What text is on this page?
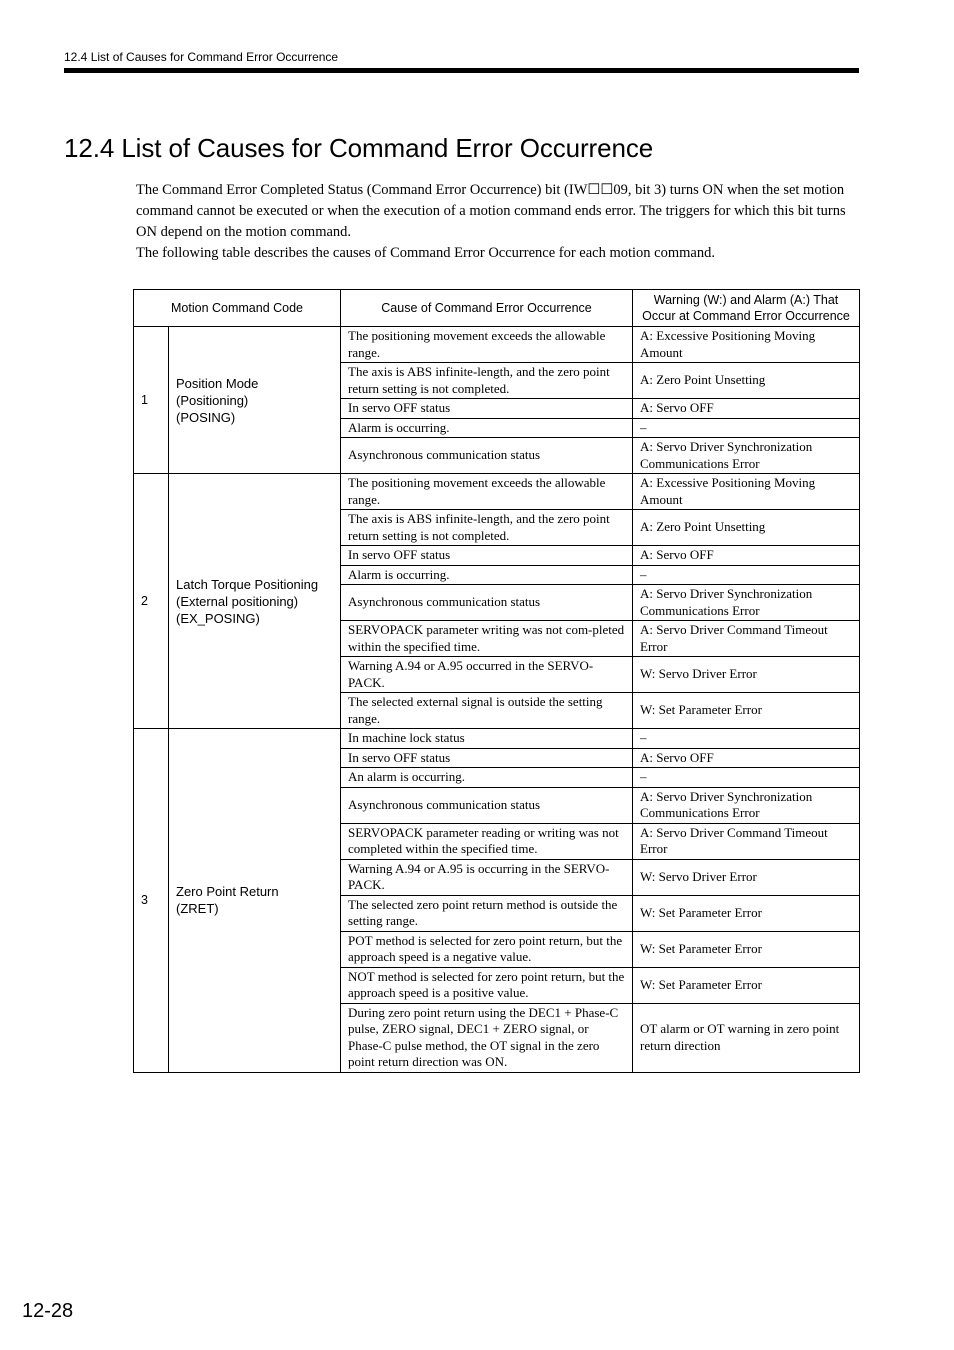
12.4 List of Causes for Command Error Occurrence
12.4 List of Causes for Command Error Occurrence

The Command Error Completed Status (Command Error Occurrence) bit (IW☐☐09, bit 3) turns ON when the set motion command cannot be executed or when the execution of a motion command ends error. The triggers for which this bit turns ON depend on the motion command.

The following table describes the causes of Command Error Occurrence for each motion command.

Motion Command Code		Cause of Command Error Occurrence	Warning (W:) and Alarm (A:) That Occur at Command Error Occurrence
1	Position Mode
(Positioning)
(POSING)	The positioning movement exceeds the allowable range.	A: Excessive Positioning Moving Amount
		The axis is ABS infinite-length, and the zero point return setting is not completed.	A: Zero Point Unsetting
		In servo OFF status	A: Servo OFF
		Alarm is occurring.	–
		Asynchronous communication status	A: Servo Driver Synchronization Communications Error
2	Latch Torque Positioning
(External positioning)
(EX_POSING)	The positioning movement exceeds the allowable range.	A: Excessive Positioning Moving Amount
		The axis is ABS infinite-length, and the zero point return setting is not completed.	A: Zero Point Unsetting
		In servo OFF status	A: Servo OFF
		Alarm is occurring.	–
		Asynchronous communication status	A: Servo Driver Synchronization Communications Error
		SERVOPACK parameter writing was not com-pleted within the specified time.	A: Servo Driver Command Timeout Error
		Warning A.94 or A.95 occurred in the SERVO-PACK.	W: Servo Driver Error
		The selected external signal is outside the setting range.	W: Set Parameter Error
3	Zero Point Return
(ZRET)	In machine lock status	–
		In servo OFF status	A: Servo OFF
		An alarm is occurring.	–
		Asynchronous communication status	A: Servo Driver Synchronization Communications Error
		SERVOPACK parameter reading or writing was not completed within the specified time.	A: Servo Driver Command Timeout Error
		Warning A.94 or A.95 is occurring in the SERVO-PACK.	W: Servo Driver Error
		The selected zero point return method is outside the setting range.	W: Set Parameter Error
		POT method is selected for zero point return, but the approach speed is a negative value.	W: Set Parameter Error
		NOT method is selected for zero point return, but the approach speed is a positive value.	W: Set Parameter Error
		During zero point return using the DEC1 + Phase-C pulse, ZERO signal, DEC1 + ZERO signal, or Phase-C pulse method, the OT signal in the zero point return direction was ON.	OT alarm or OT warning in zero point return direction
12-28
